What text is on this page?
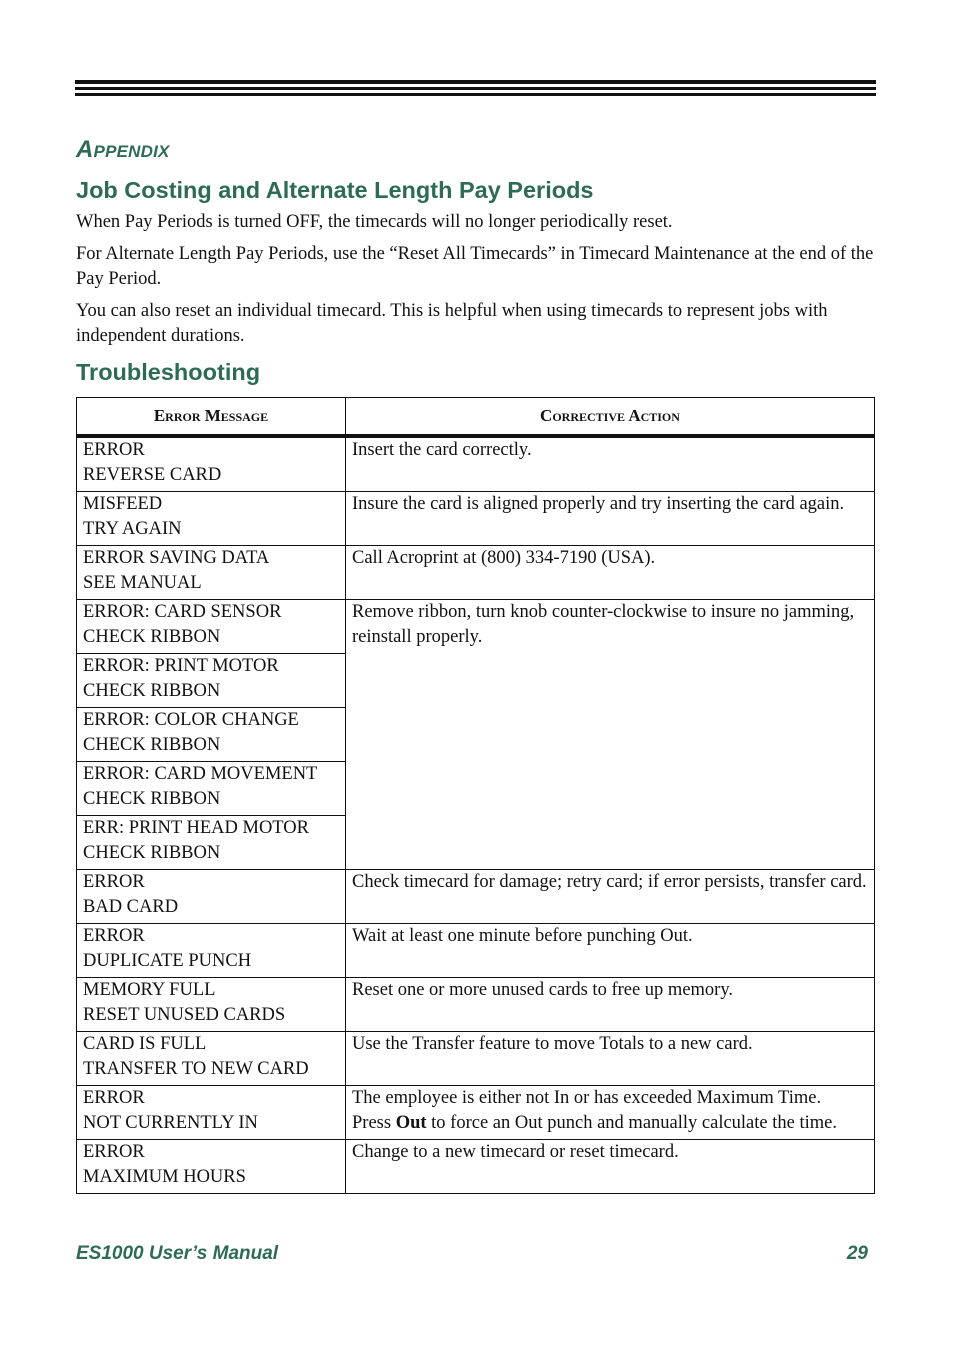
Appendix
Job Costing and Alternate Length Pay Periods

When Pay Periods is turned OFF, the timecards will no longer periodically reset.

For Alternate Length Pay Periods, use the “Reset All Timecards” in Timecard Maintenance at the end of the Pay Period.

You can also reset an individual timecard. This is helpful when using timecards to represent jobs with independent durations.

Troubleshooting
Error Message	Corrective Action

ERROR
REVERSE CARD	Insert the card correctly.

MISFEED
TRY AGAIN	Insure the card is aligned properly and try inserting the card again.

ERROR SAVING DATA
SEE MANUAL	Call Acroprint at (800) 334-7190 (USA).

ERROR: CARD SENSOR
CHECK RIBBON	Remove ribbon, turn knob counter-clockwise to insure no jamming, reinstall properly.

ERROR: PRINT MOTOR
CHECK RIBBON	

ERROR: COLOR CHANGE
CHECK RIBBON	

ERROR: CARD MOVEMENT
CHECK RIBBON	

ERR: PRINT HEAD MOTOR
CHECK RIBBON	

ERROR
BAD CARD	Check timecard for damage; retry card; if error persists, transfer card.

ERROR
DUPLICATE PUNCH	Wait at least one minute before punching Out.

MEMORY FULL
RESET UNUSED CARDS	Reset one or more unused cards to free up memory.

CARD IS FULL
TRANSFER TO NEW CARD	Use the Transfer feature to move Totals to a new card.

ERROR
NOT CURRENTLY IN	The employee is either not In or has exceeded Maximum Time.
Press Out to force an Out punch and manually calculate the time.

ERROR
MAXIMUM HOURS	Change to a new timecard or reset timecard.
ES1000 User’s Manual	29
